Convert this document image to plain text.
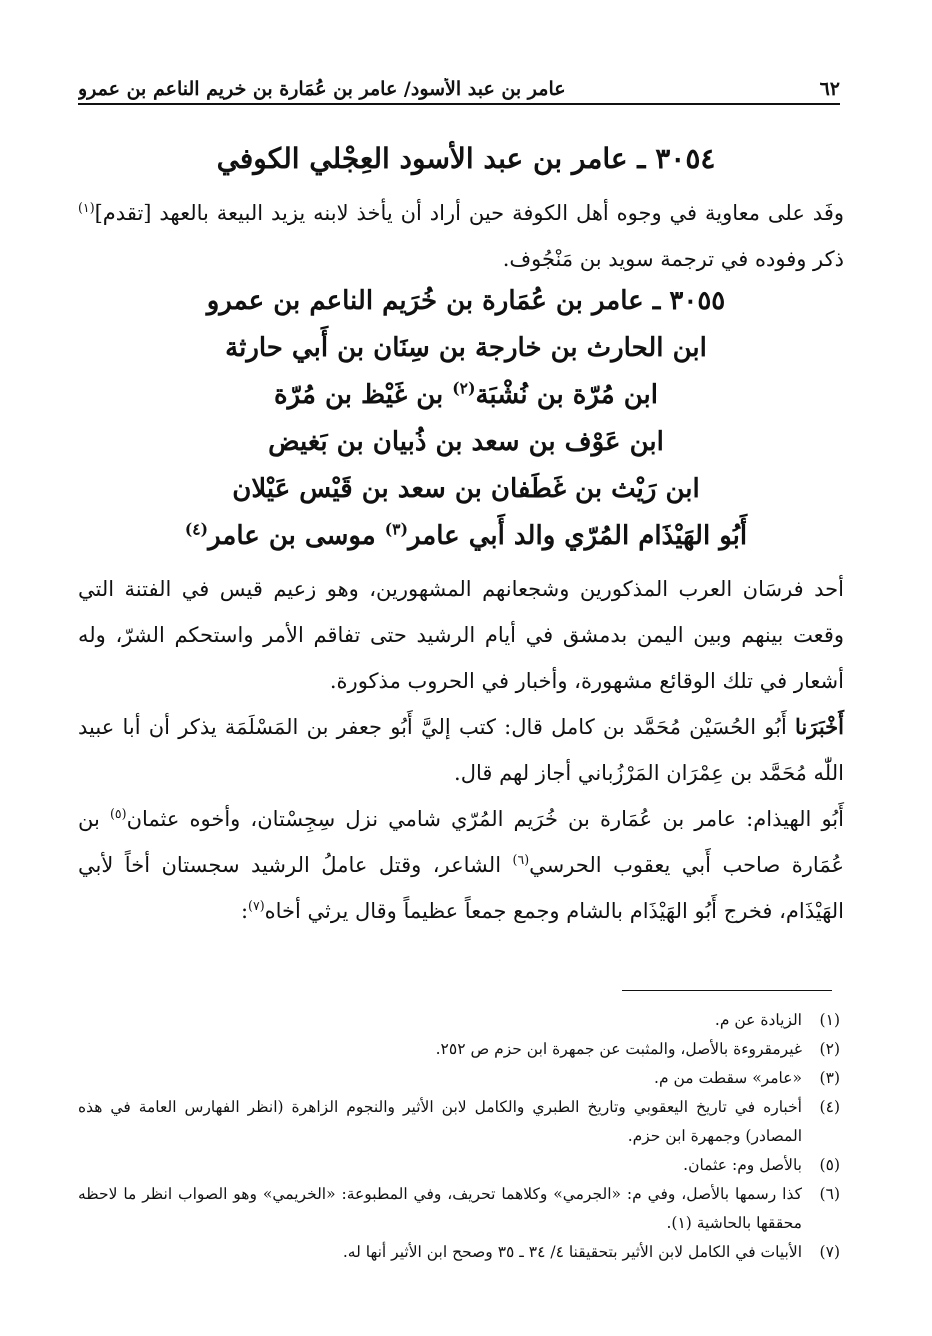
٦٢
عامر بن عبد الأسود/ عامر بن عُمَارة بن خريم الناعم بن عمرو
٣٠٥٤ ـ عامر بن عبد الأسود العِجْلي الكوفي

وفَد على معاوية في وجوه أهل الكوفة حين أراد أن يأخذ لابنه يزيد البيعة بالعهد [تقدم]$^{(١)}$ ذكر وفوده في ترجمة سويد بن مَنْجُوف.

٣٠٥٥ ـ عامر بن عُمَارة بن خُرَيم الناعم بن عمرو
ابن الحارث بن خارجة بن سِنَان بن أَبي حارثة
ابن مُرّة بن نُشْبَة$^{(٢)}$ بن غَيْظ بن مُرّة
ابن عَوْف بن سعد بن ذُبيان بن بَغيض
ابن رَيْث بن غَطَفان بن سعد بن قَيْس عَيْلان
أَبُو الهَيْذَام المُرّي والد أَبي عامر$^{(٣)}$ موسى بن عامر$^{(٤)}$

أحد فرسَان العرب المذكورين وشجعانهم المشهورين، وهو زعيم قيس في الفتنة التي وقعت بينهم وبين اليمن بدمشق في أيام الرشيد حتى تفاقم الأمر واستحكم الشرّ، وله أشعار في تلك الوقائع مشهورة، وأخبار في الحروب مذكورة.

أَخْبَرَنا أَبُو الحُسَيْن مُحَمَّد بن كامل قال: كتب إليَّ أَبُو جعفر بن المَسْلَمَة يذكر أن أبا عبيد اللّٰه مُحَمَّد بن عِمْرَان المَرْزُباني أجاز لهم قال.

أَبُو الهيذام: عامر بن عُمَارة بن خُرَيم المُرّي شامي نزل سِجِسْتان، وأخوه عثمان$^{(٥)}$ بن عُمَارة صاحب أَبي يعقوب الحرسي$^{(٦)}$ الشاعر، وقتل عاملُ الرشيد سجستان أخاً لأبي الهَيْذَام، فخرج أَبُو الهَيْذَام بالشام وجمع جمعاً عظيماً وقال يرثي أخاه$^{(٧)}$:

(١)
الزيادة عن م.
(٢)
غيرمقروءة بالأصل، والمثبت عن جمهرة ابن حزم ص ٢٥٢.
(٣)
«عامر» سقطت من م.
(٤)
أخباره في تاريخ اليعقوبي وتاريخ الطبري والكامل لابن الأثير والنجوم الزاهرة (انظر الفهارس العامة في هذه المصادر) وجمهرة ابن حزم.
(٥)
بالأصل وم: عثمان.
(٦)
كذا رسمها بالأصل، وفي م: «الجرمي» وكلاهما تحريف، وفي المطبوعة: «الخريمي» وهو الصواب انظر ما لاحظه محققها بالحاشية (١).
(٧)
الأبيات في الكامل لابن الأثير بتحقيقنا ٤/ ٣٤ ـ ٣٥ وصحح ابن الأثير أنها له.
